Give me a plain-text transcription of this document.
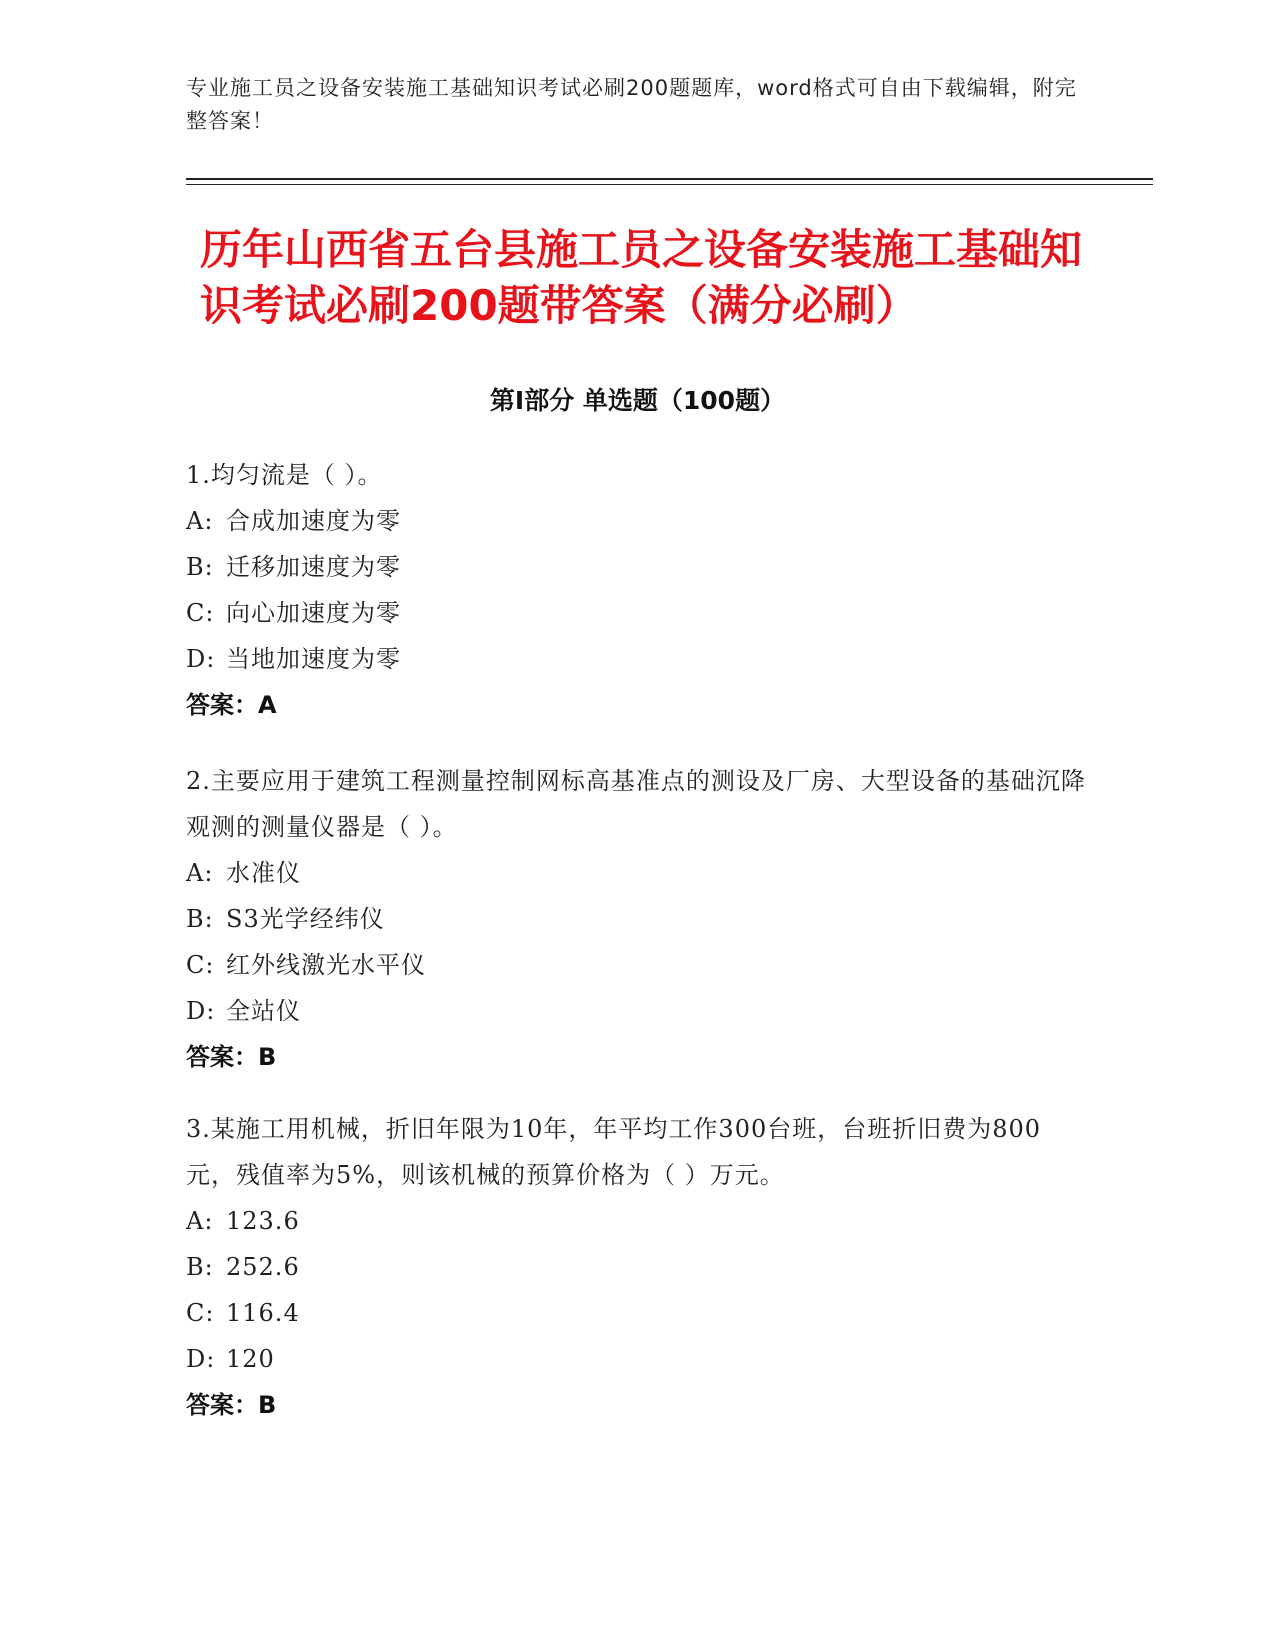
专业施工员之设备安装施工基础知识考试必刷200题题库，word格式可自由下载编辑，附完整答案！
历年山西省五台县施工员之设备安装施工基础知识考试必刷200题带答案（满分必刷）
第I部分 单选题（100题）

1.均匀流是（ ）。

A: 合成加速度为零

B: 迁移加速度为零

C: 向心加速度为零

D: 当地加速度为零

答案：A

2.主要应用于建筑工程测量控制网标高基准点的测设及厂房、大型设备的基础沉降观测的测量仪器是（ ）。

A: 水准仪

B: S3光学经纬仪

C: 红外线激光水平仪

D: 全站仪

答案：B

3.某施工用机械，折旧年限为10年，年平均工作300台班，台班折旧费为800元，残值率为5%，则该机械的预算价格为（ ）万元。

A: 123.6

B: 252.6

C: 116.4

D: 120

答案：B
